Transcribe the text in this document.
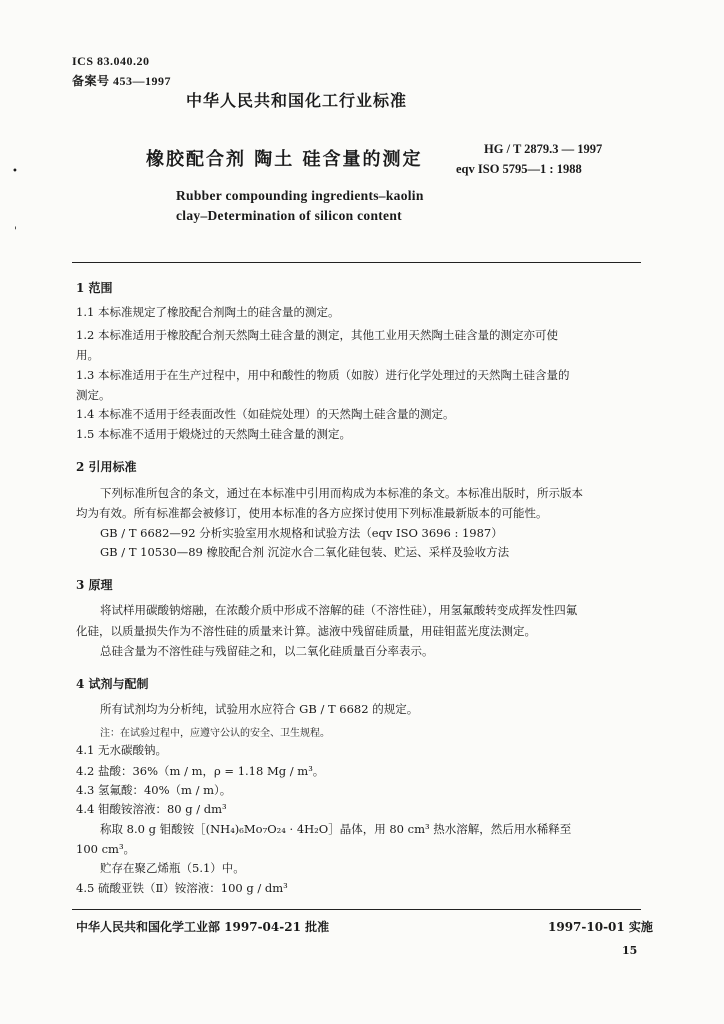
ICS 83.040.20
备案号 453—1997
中华人民共和国化工行业标准
•
'
橡胶配合剂 陶土 硅含量的测定	HG / T 2879.3 — 1997
eqv ISO 5795—1 : 1988
Rubber compounding ingredients–kaolin
clay–Determination of silicon content
1 范围
1.1 本标准规定了橡胶配合剂陶土的硅含量的测定。
1.2 本标准适用于橡胶配合剂天然陶土硅含量的测定，其他工业用天然陶土硅含量的测定亦可使
用。
1.3 本标准适用于在生产过程中，用中和酸性的物质（如胺）进行化学处理过的天然陶土硅含量的
测定。
1.4 本标准不适用于经表面改性（如硅烷处理）的天然陶土硅含量的测定。
1.5 本标准不适用于煅烧过的天然陶土硅含量的测定。
2 引用标准
下列标准所包含的条文，通过在本标准中引用而构成为本标准的条文。本标准出版时，所示版本
均为有效。所有标准都会被修订，使用本标准的各方应探讨使用下列标准最新版本的可能性。
GB / T 6682—92 分析实验室用水规格和试验方法（eqv ISO 3696 : 1987）
GB / T 10530—89 橡胶配合剂 沉淀水合二氧化硅包装、贮运、采样及验收方法
3 原理
将试样用碳酸钠熔融，在浓酸介质中形成不溶解的硅（不溶性硅），用氢氟酸转变成挥发性四氟
化硅，以质量损失作为不溶性硅的质量来计算。滤液中残留硅质量，用硅钼蓝光度法测定。
总硅含量为不溶性硅与残留硅之和，以二氧化硅质量百分率表示。
4 试剂与配制
所有试剂均为分析纯，试验用水应符合 GB / T 6682 的规定。
注：在试验过程中，应遵守公认的安全、卫生规程。
4.1 无水碳酸钠。
4.2 盐酸：36%（m / m，ρ = 1.18 Mg / m³。
4.3 氢氟酸：40%（m / m）。
4.4 钼酸铵溶液：80 g / dm³
称取 8.0 g 钼酸铵［(NH₄)₆Mo₇O₂₄ · 4H₂O］晶体，用 80 cm³ 热水溶解，然后用水稀释至
100 cm³。
贮存在聚乙烯瓶（5.1）中。
4.5 硫酸亚铁（Ⅱ）铵溶液：100 g / dm³
中华人民共和国化学工业部 1997-04-21 批准	1997-10-01 实施
15
